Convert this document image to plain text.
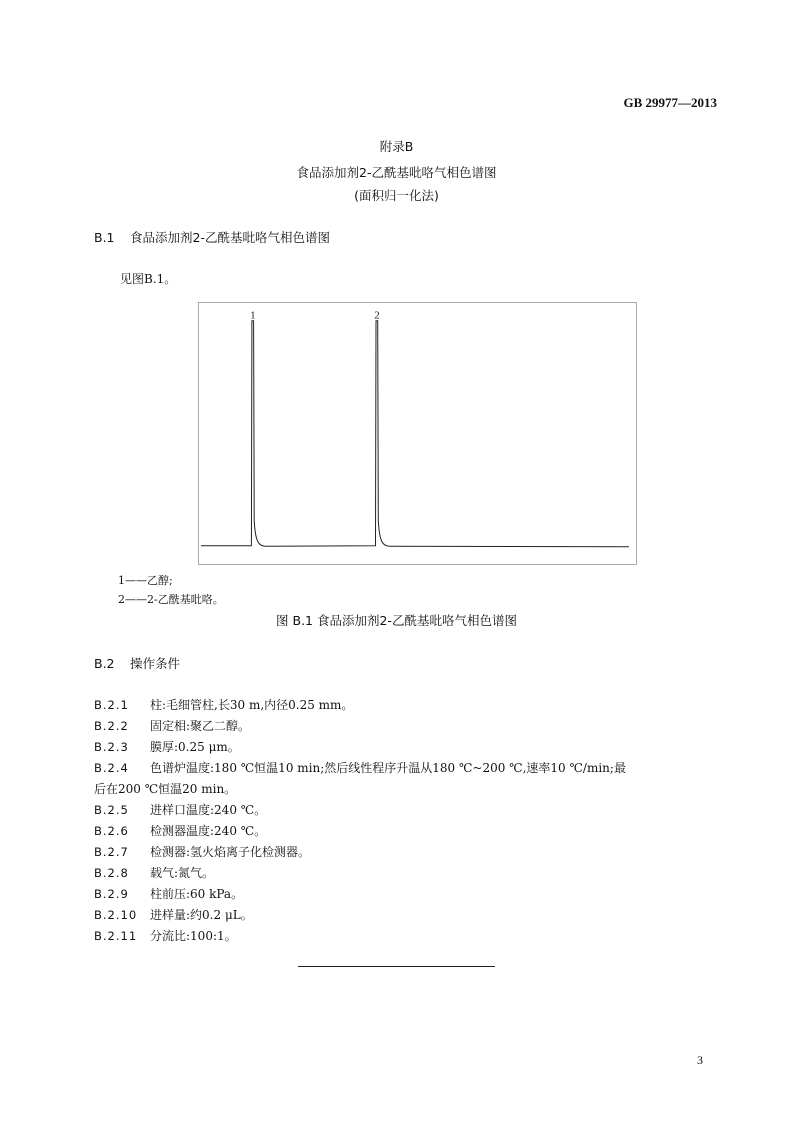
GB 29977—2013
附录B
食品添加剂2-乙酰基吡咯气相色谱图
(面积归一化法)
B.1 食品添加剂2-乙酰基吡咯气相色谱图
见图B.1。
1	2
1——乙醇;
2——2-乙酰基吡咯。
图 B.1 食品添加剂2-乙酰基吡咯气相色谱图
B.2 操作条件
B.2.1 柱:毛细管柱,长30 m,内径0.25 mm。
B.2.2 固定相:聚乙二醇。
B.2.3 膜厚:0.25 μm。
B.2.4 色谱炉温度:180 ℃恒温10 min;然后线性程序升温从180 ℃~200 ℃,速率10 ℃/min;最
后在200 ℃恒温20 min。
B.2.5 进样口温度:240 ℃。
B.2.6 检测器温度:240 ℃。
B.2.7 检测器:氢火焰离子化检测器。
B.2.8 载气:氮气。
B.2.9 柱前压:60 kPa。
B.2.10 进样量:约0.2 μL。
B.2.11 分流比:100:1。
3
